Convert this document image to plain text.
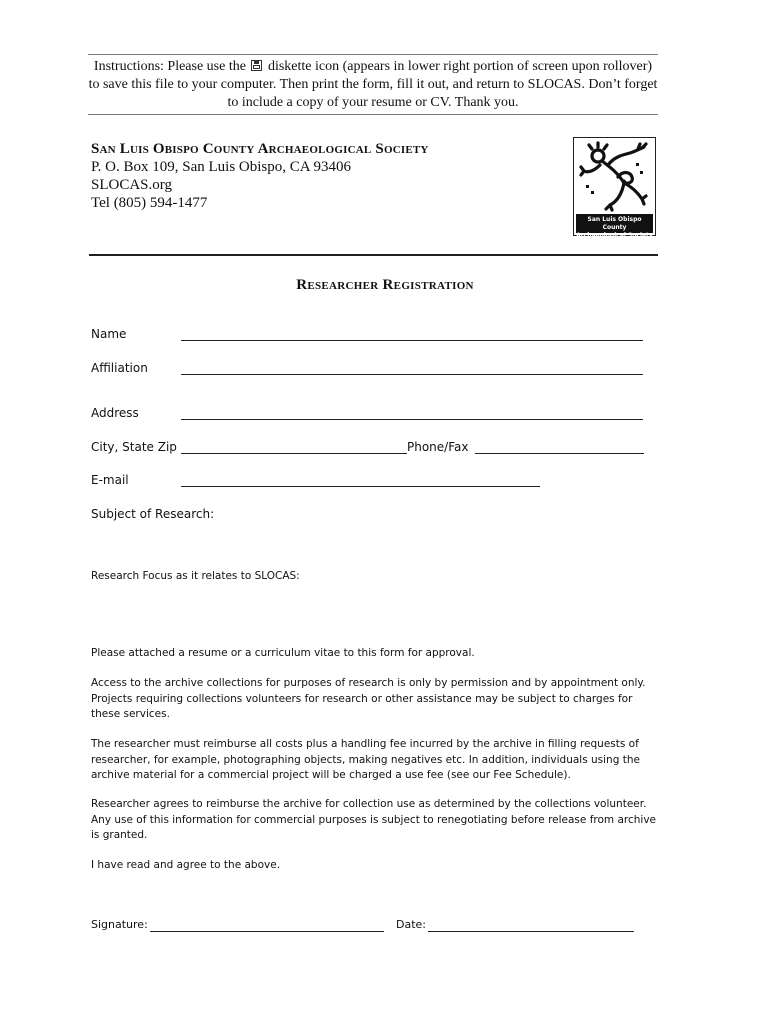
Instructions: Please use the diskette icon (appears in lower right portion of screen upon rollover) to save this file to your computer. Then print the form, fill it out, and return to SLOCAS. Don’t forget to include a copy of your resume or CV. Thank you.
San Luis Obispo County Archaeological Society
P. O. Box 109, San Luis Obispo, CA 93406
SLOCAS.org
Tel (805) 594-1477
San Luis Obispo County
Archaeological Society
Researcher Registration
Name
Affiliation
Address
City, State Zip	Phone/Fax
E-mail
Subject of Research:
Research Focus as it relates to SLOCAS:
Please attached a resume or a curriculum vitae to this form for approval.
Access to the archive collections for purposes of research is only by permission and by appointment only. Projects requiring collections volunteers for research or other assistance may be subject to charges for these services.
The researcher must reimburse all costs plus a handling fee incurred by the archive in filling requests of researcher, for example, photographing objects, making negatives etc. In addition, individuals using the archive material for a commercial project will be charged a use fee (see our Fee Schedule).
Researcher agrees to reimburse the archive for collection use as determined by the collections volunteer. Any use of this information for commercial purposes is subject to renegotiating before release from archive is granted.
I have read and agree to the above.
Signature:	Date:
